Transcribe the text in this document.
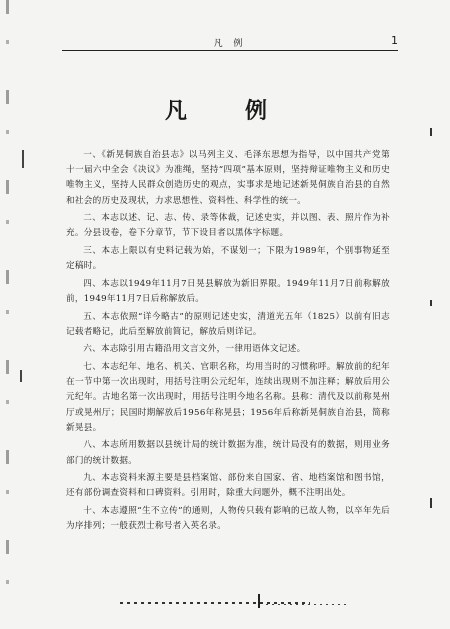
凡 例	1
凡　例

一、《新晃侗族自治县志》以马列主义、毛泽东思想为指导，以中国共产党第十一届六中全会《决议》为准绳，坚持“四项”基本原则，坚持辩证唯物主义和历史唯物主义，坚持人民群众创造历史的观点，实事求是地记述新晃侗族自治县的自然和社会的历史及现状，力求思想性、资料性、科学性的统一。

二、本志以述、记、志、传、录等体裁，记述史实，并以图、表、照片作为补充。分县设卷，卷下分章节，节下设目者以黑体字标题。

三、本志上限以有史料记载为始，不谋划一；下限为1989年，个别事物延至定稿时。

四、本志以1949年11月7日晃县解放为新旧界限。1949年11月7日前称解放前，1949年11月7日后称解放后。

五、本志依照“详今略古”的原则记述史实，清道光五年（1825）以前有旧志记载者略记，此后至解放前简记，解放后则详记。

六、本志除引用古籍沿用文言文外，一律用语体文记述。

七、本志纪年、地名、机关、官职名称，均用当时的习惯称呼。解放前的纪年在一节中第一次出现时，用括号注明公元纪年，连续出现则不加注释；解放后用公元纪年。古地名第一次出现时，用括号注明今地名名称。县称：清代及以前称晃州厅或晃州厅；民国时期解放后1956年称晃县；1956年后称新晃侗族自治县，简称新晃县。

八、本志所用数据以县统计局的统计数据为准，统计局没有的数据，则用业务部门的统计数据。

九、本志资料来源主要是县档案馆、部份来自国家、省、地档案馆和图书馆，还有部份调查资料和口碑资料。引用时，除重大问题外，概不注明出处。

十、本志遵照“生不立传”的通则，人物传只载有影响的已故人物，以卒年先后为序排列；一般获烈士称号者入英名录。
